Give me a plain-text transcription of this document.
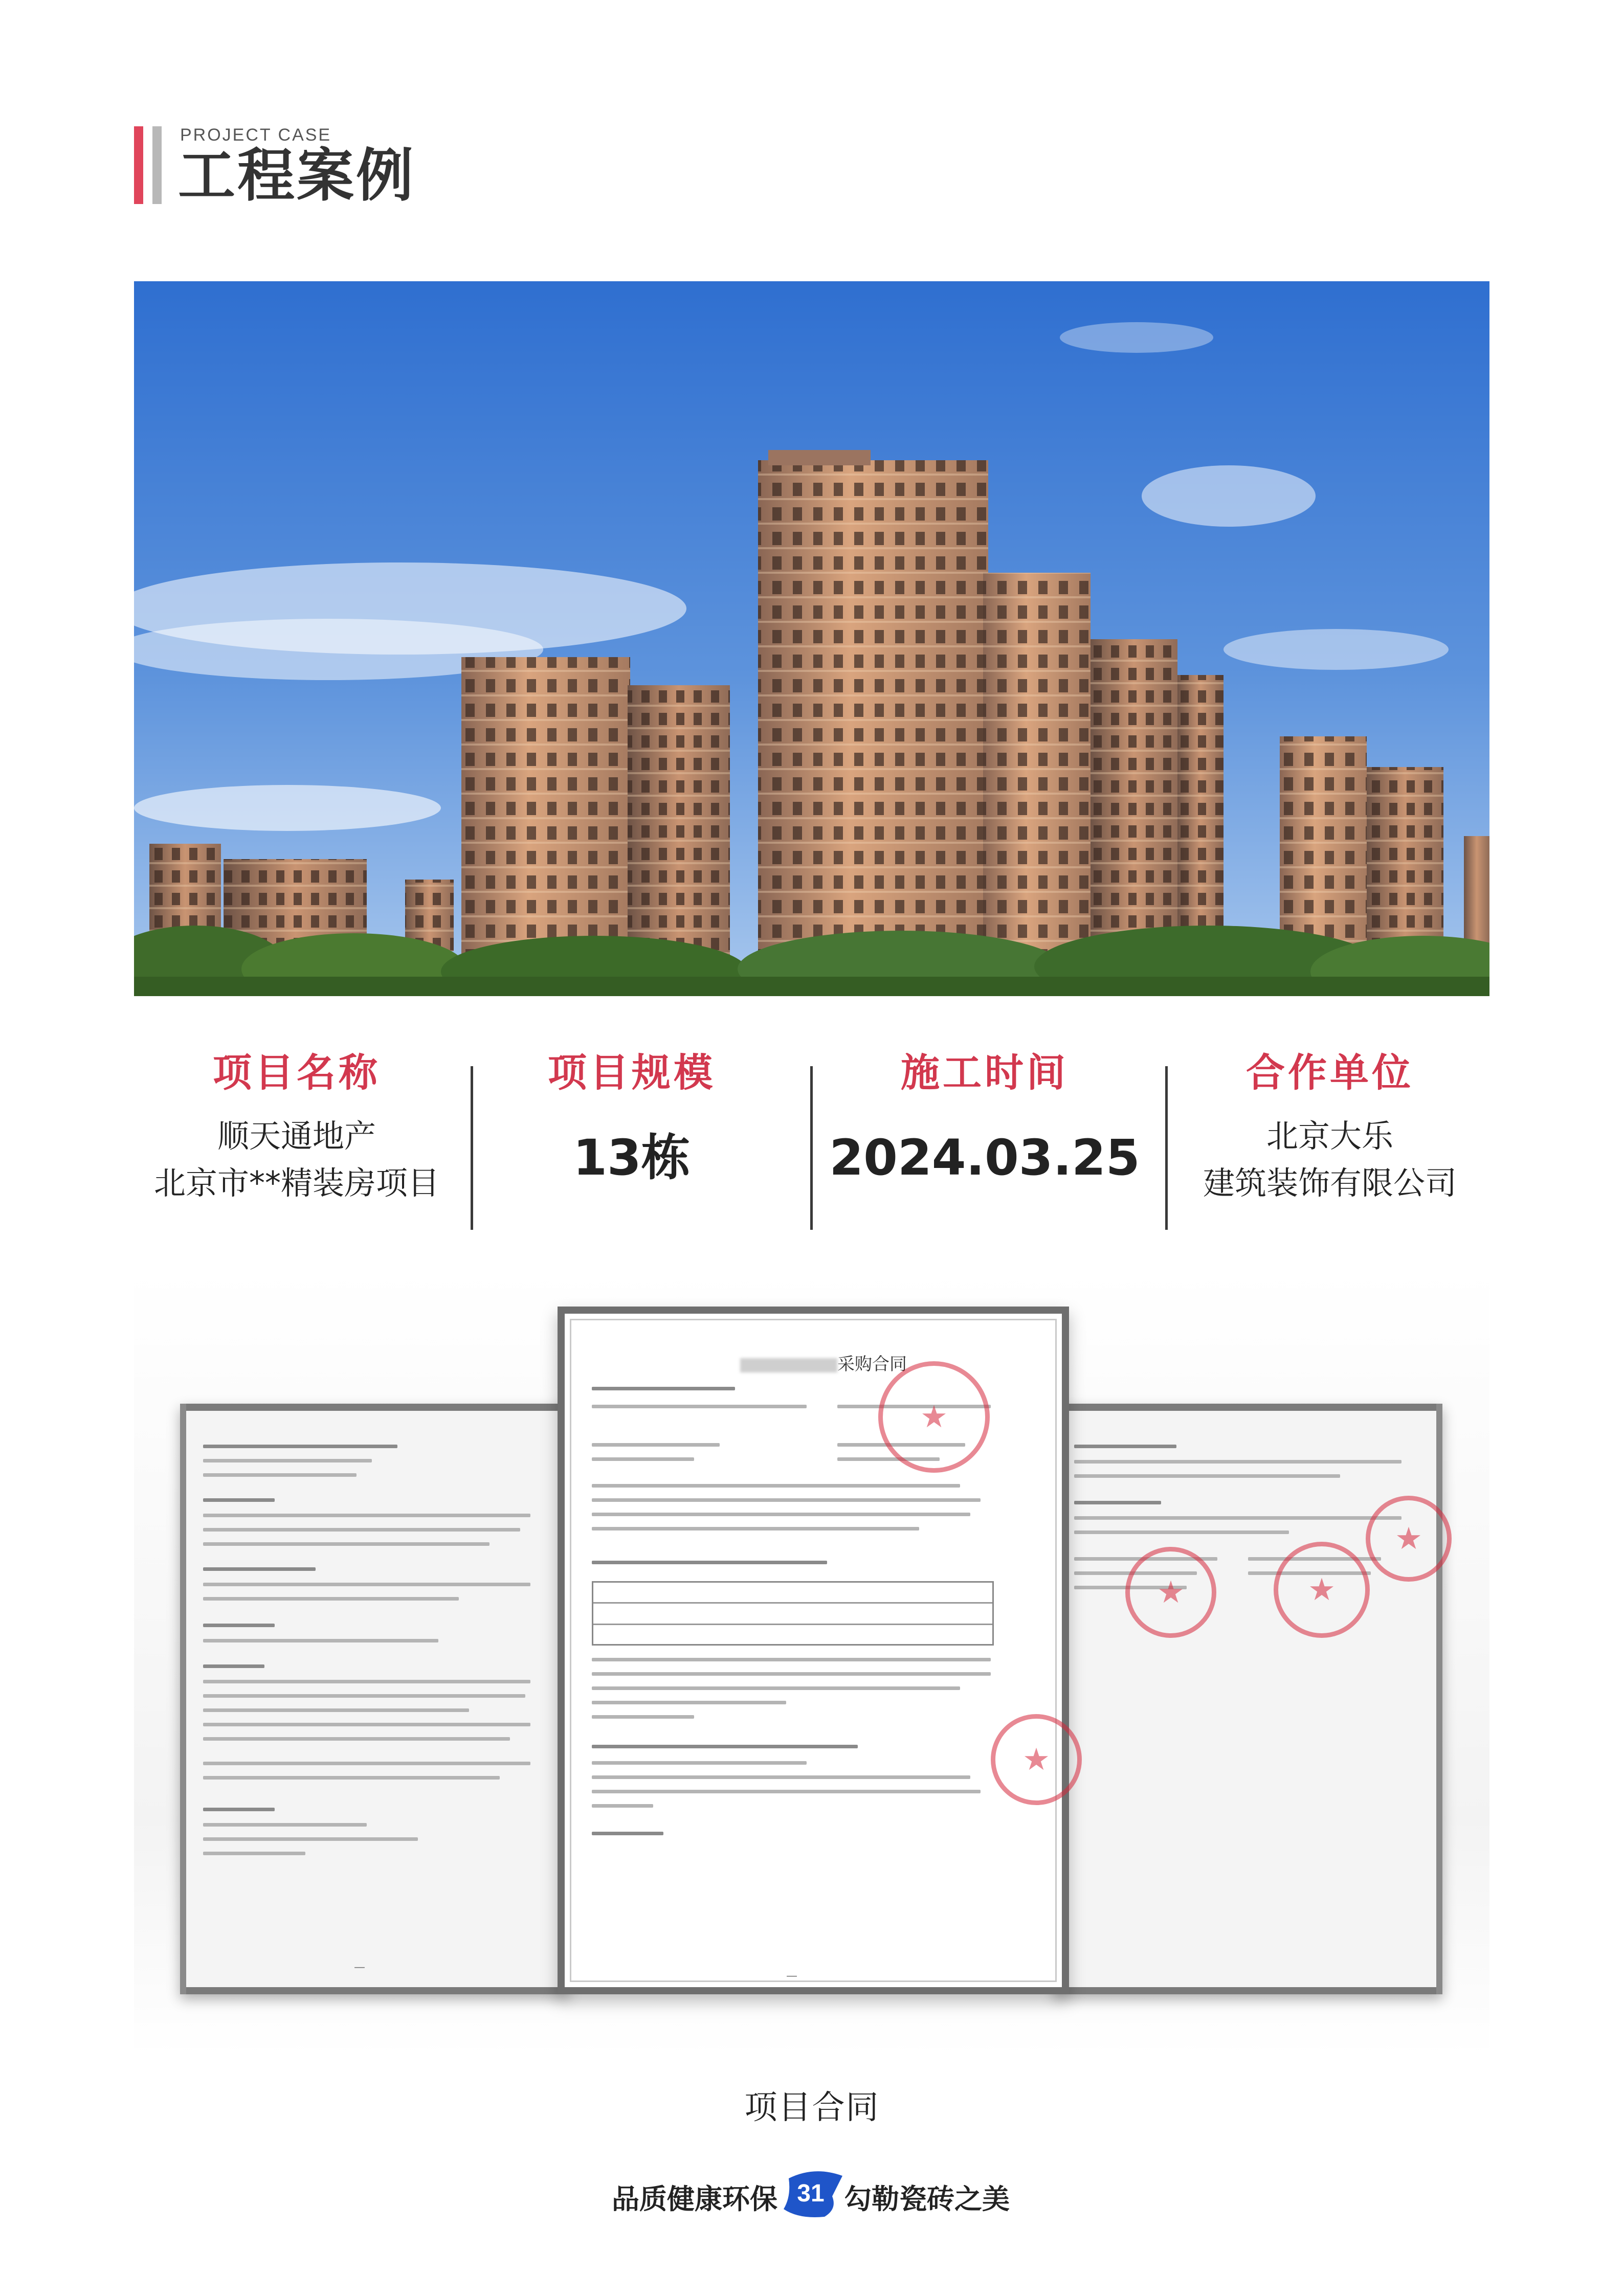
PROJECT CASE
工程案例
项目名称
顺天通地产
北京市**精装房项目
项目规模
13栋
施工时间
2024.03.25
合作单位
北京大乐
建筑装饰有限公司
—
★
★
★
采购合同
★
★
—
项目合同
品质健康环保 31 勾勒瓷砖之美
